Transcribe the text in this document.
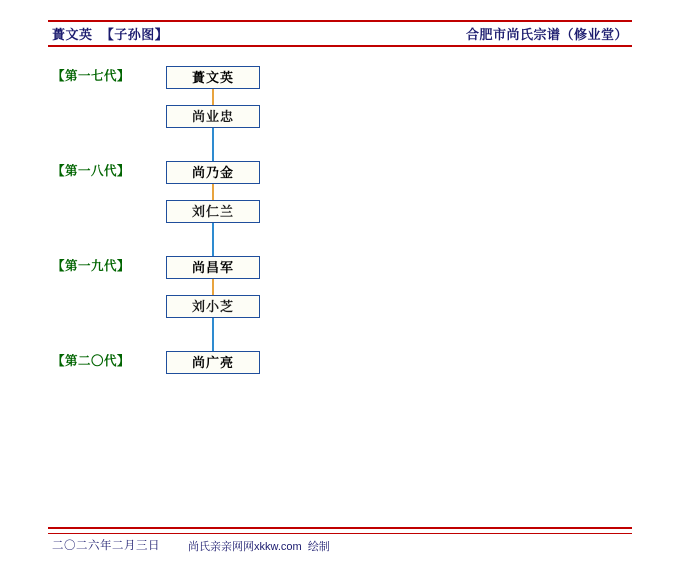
蕢文英 【子孙图】	合肥市尚氏宗谱（修业堂）
【第一七代】
【第一八代】
【第一九代】
【第二〇代】
蕢文英
尚业忠
尚乃金
刘仁兰
尚昌军
刘小芝
尚广亮
二〇二六年二月三日	尚氏亲亲网网xkkw.com 绘制
